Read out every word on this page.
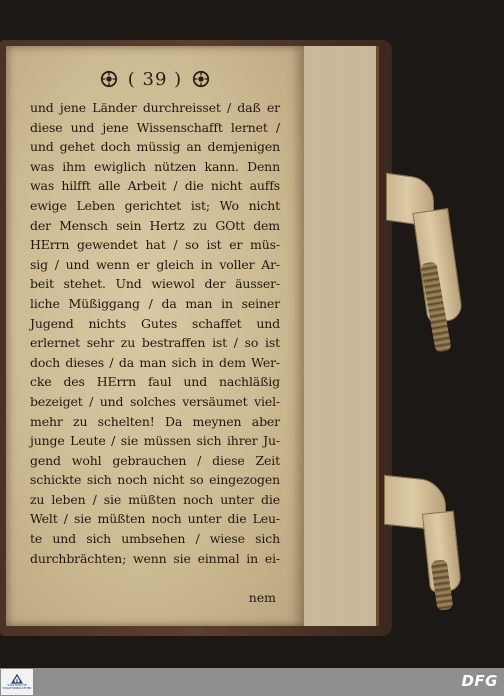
( 39 )
und jene Länder durchreisset / daß er
diese und jene Wissenschafft lernet /
und gehet doch müssig an demjenigen
was ihm ewiglich nützen kann. Denn
was hilfft alle Arbeit / die nicht auffs
ewige Leben gerichtet ist; Wo nicht
der Mensch sein Hertz zu GOtt dem
HErrn gewendet hat / so ist er müs-
sig / und wenn er gleich in voller Ar-
beit stehet. Und wiewol der äusser-
liche Müßiggang / da man in seiner
Jugend nichts Gutes schaffet und
erlernet sehr zu bestraffen ist / so ist
doch dieses / da man sich in dem Wer-
cke des HErrn faul und nachläßig
bezeiget / und solches versäumet viel-
mehr zu schelten! Da meynen aber
junge Leute / sie müssen sich ihrer Ju-
gend wohl gebrauchen / diese Zeit
schickte sich noch nicht so eingezogen
zu leben / sie müßten noch unter die
Welt / sie müßten noch unter die Leu-
te und sich umbsehen / wiese sich
durchbrächten; wenn sie einmal in ei-
nem
SÄCHSISCHE STAATSBIBLIOTHEK	DFG
